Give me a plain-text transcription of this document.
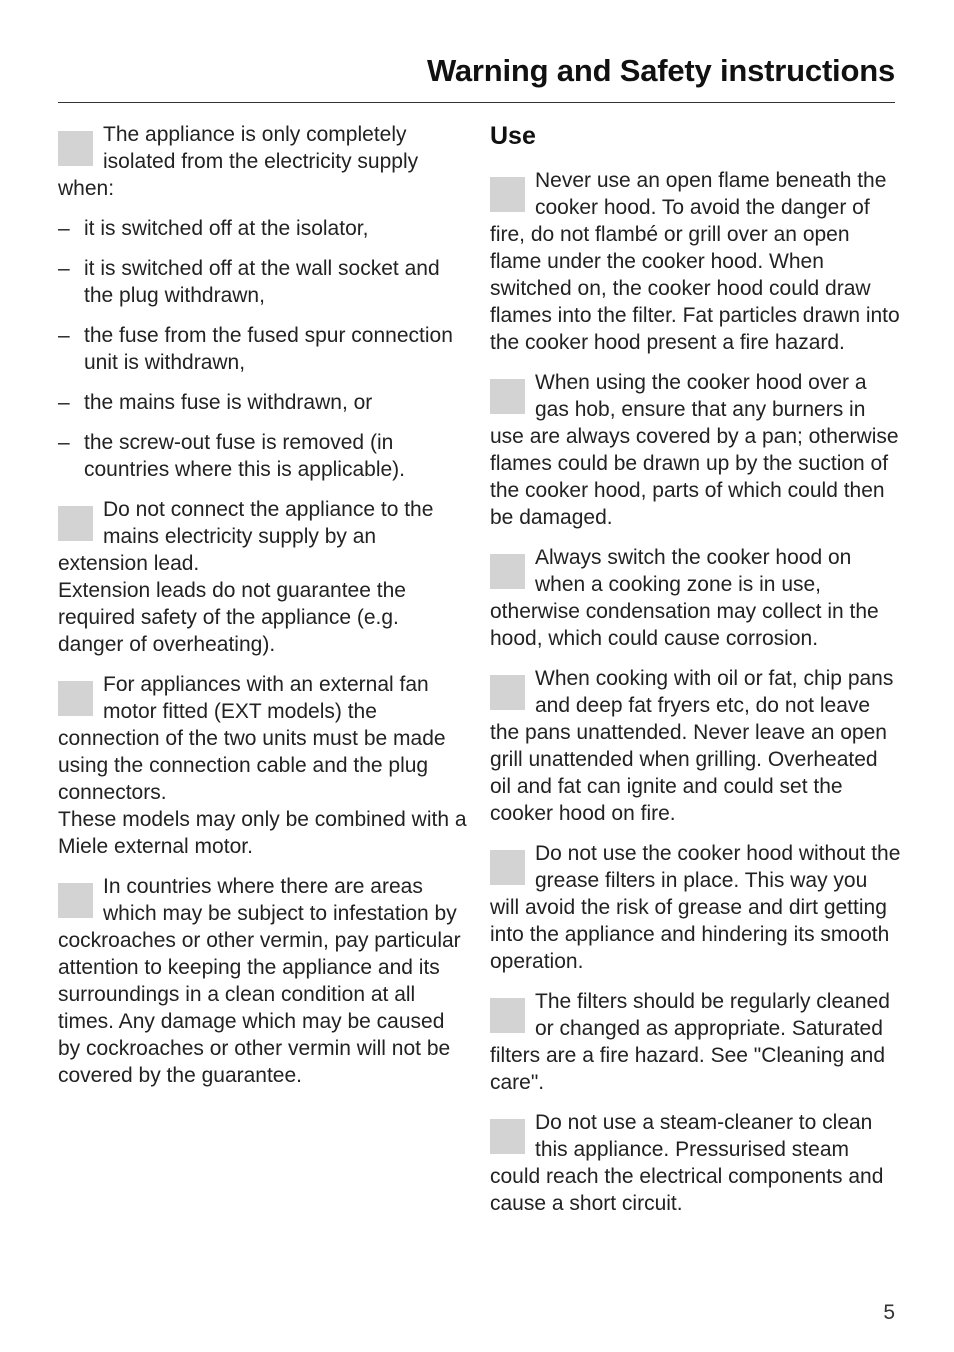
Warning and Safety instructions

The appliance is only completely isolated from the electricity supply when:

– it is switched off at the isolator,
– it is switched off at the wall socket and the plug withdrawn,
– the fuse from the fused spur connection unit is withdrawn,
– the mains fuse is withdrawn, or
– the screw-out fuse is removed (in countries where this is applicable).

Do not connect the appliance to the mains electricity supply by an extension lead.

Extension leads do not guarantee the required safety of the appliance (e.g. danger of overheating).

For appliances with an external fan motor fitted (EXT models) the connection of the two units must be made using the connection cable and the plug connectors.

These models may only be combined with a Miele external motor.

In countries where there are areas which may be subject to infestation by cockroaches or other vermin, pay particular attention to keeping the appliance and its surroundings in a clean condition at all times. Any damage which may be caused by cockroaches or other vermin will not be covered by the guarantee.

Use

Never use an open flame beneath the cooker hood. To avoid the danger of fire, do not flambé or grill over an open flame under the cooker hood. When switched on, the cooker hood could draw flames into the filter. Fat particles drawn into the cooker hood present a fire hazard.

When using the cooker hood over a gas hob, ensure that any burners in use are always covered by a pan; otherwise flames could be drawn up by the suction of the cooker hood, parts of which could then be damaged.

Always switch the cooker hood on when a cooking zone is in use, otherwise condensation may collect in the hood, which could cause corrosion.

When cooking with oil or fat, chip pans and deep fat fryers etc, do not leave the pans unattended. Never leave an open grill unattended when grilling. Overheated oil and fat can ignite and could set the cooker hood on fire.

Do not use the cooker hood without the grease filters in place. This way you will avoid the risk of grease and dirt getting into the appliance and hindering its smooth operation.

The filters should be regularly cleaned or changed as appropriate. Saturated filters are a fire hazard. See "Cleaning and care".

Do not use a steam-cleaner to clean this appliance. Pressurised steam could reach the electrical components and cause a short circuit.

5
